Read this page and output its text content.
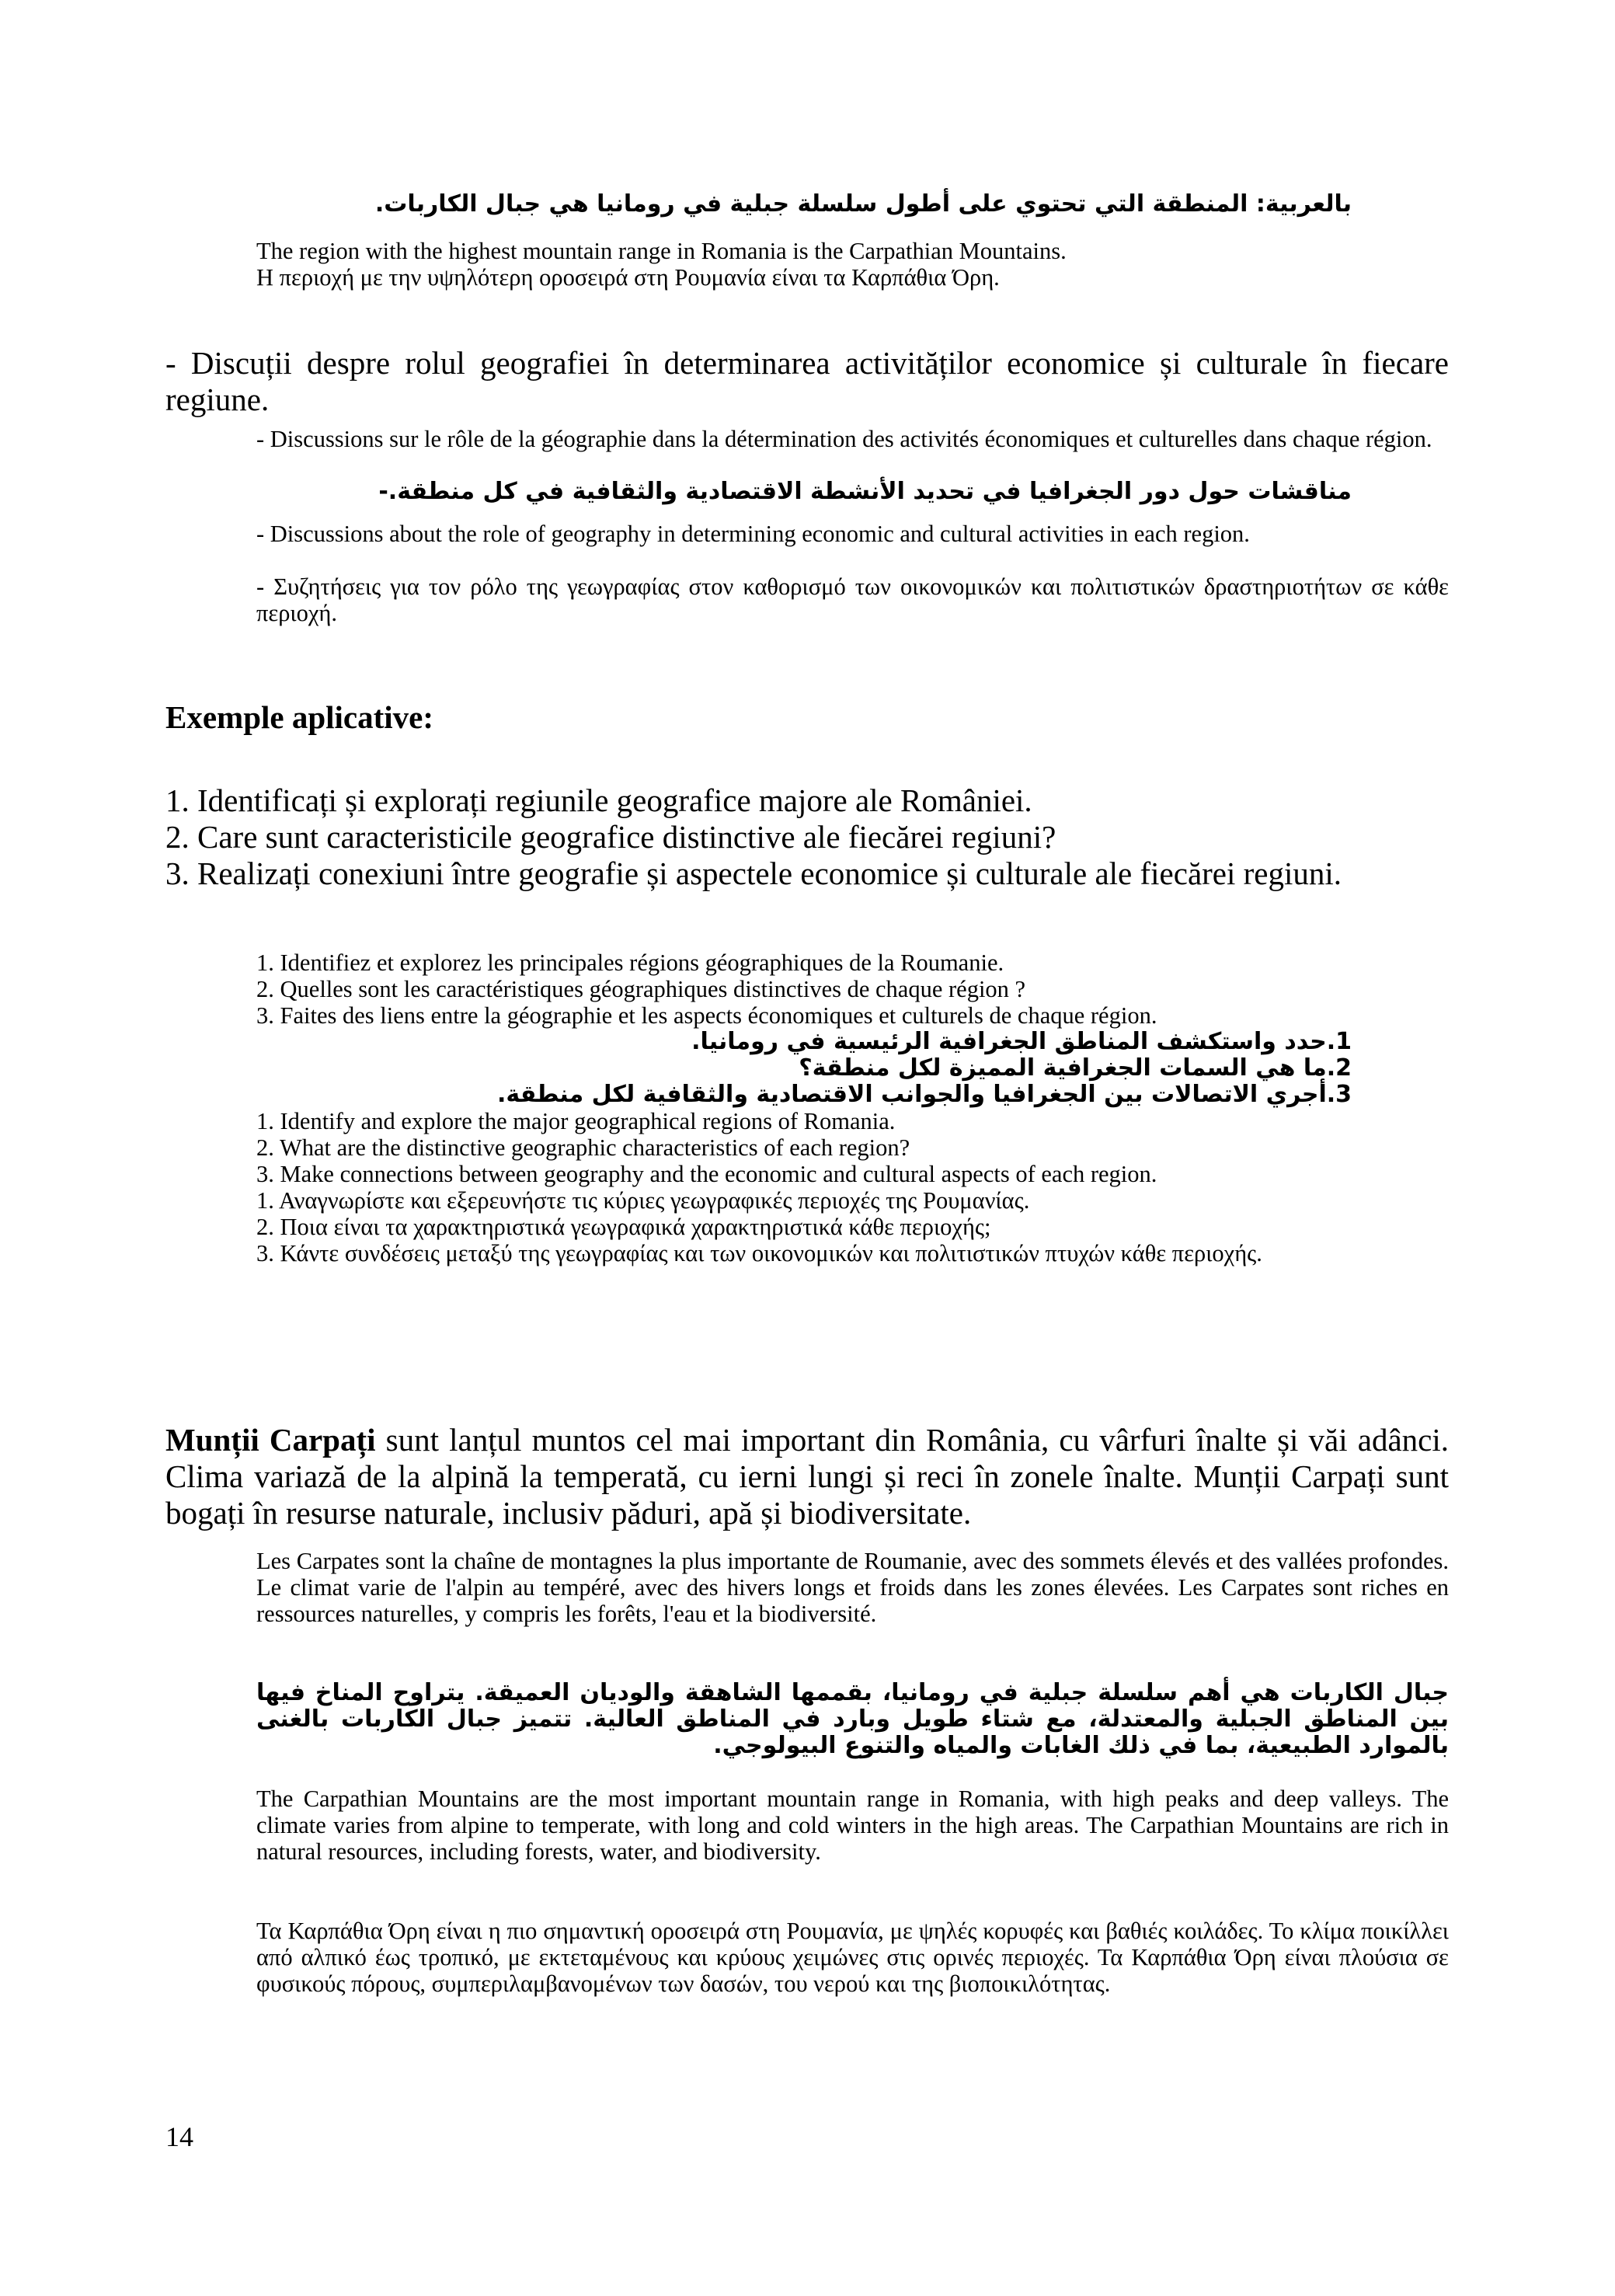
بالعربية: المنطقة التي تحتوي على أطول سلسلة جبلية في رومانيا هي جبال الكاربات.
The region with the highest mountain range in Romania is the Carpathian Mountains.
Η περιοχή με την υψηλότερη οροσειρά στη Ρουμανία είναι τα Καρπάθια Όρη.
- Discuții despre rolul geografiei în determinarea activităților economice și culturale în fiecare regiune.
- Discussions sur le rôle de la géographie dans la détermination des activités économiques et culturelles dans chaque région.
مناقشات حول دور الجغرافيا في تحديد الأنشطة الاقتصادية والثقافية في كل منطقة.-
- Discussions about the role of geography in determining economic and cultural activities in each region.
- Συζητήσεις για τον ρόλο της γεωγραφίας στον καθορισμό των οικονομικών και πολιτιστικών δραστηριοτήτων σε κάθε περιοχή.
Exemple aplicative:
1. Identificați și explorați regiunile geografice majore ale României.
2. Care sunt caracteristicile geografice distinctive ale fiecărei regiuni?
3. Realizați conexiuni între geografie și aspectele economice și culturale ale fiecărei regiuni.
1. Identifiez et explorez les principales régions géographiques de la Roumanie.
2. Quelles sont les caractéristiques géographiques distinctives de chaque région ?
3. Faites des liens entre la géographie et les aspects économiques et culturels de chaque région.
1.حدد واستكشف المناطق الجغرافية الرئيسية في رومانيا.
2.ما هي السمات الجغرافية المميزة لكل منطقة؟
3.أجري الاتصالات بين الجغرافيا والجوانب الاقتصادية والثقافية لكل منطقة.
1. Identify and explore the major geographical regions of Romania.
2. What are the distinctive geographic characteristics of each region?
3. Make connections between geography and the economic and cultural aspects of each region.
1. Αναγνωρίστε και εξερευνήστε τις κύριες γεωγραφικές περιοχές της Ρουμανίας.
2. Ποια είναι τα χαρακτηριστικά γεωγραφικά χαρακτηριστικά κάθε περιοχής;
3. Κάντε συνδέσεις μεταξύ της γεωγραφίας και των οικονομικών και πολιτιστικών πτυχών κάθε περιοχής.
Munții Carpați sunt lanțul muntos cel mai important din România, cu vârfuri înalte și văi adânci. Clima variază de la alpină la temperată, cu ierni lungi și reci în zonele înalte. Munții Carpați sunt bogați în resurse naturale, inclusiv păduri, apă și biodiversitate.
Les Carpates sont la chaîne de montagnes la plus importante de Roumanie, avec des sommets élevés et des vallées profondes. Le climat varie de l'alpin au tempéré, avec des hivers longs et froids dans les zones élevées. Les Carpates sont riches en ressources naturelles, y compris les forêts, l'eau et la biodiversité.
جبال الكاربات هي أهم سلسلة جبلية في رومانيا، بقممها الشاهقة والوديان العميقة. يتراوح المناخ فيها بين المناطق الجبلية والمعتدلة، مع شتاء طويل وبارد في المناطق العالية. تتميز جبال الكاربات بالغنى بالموارد الطبيعية، بما في ذلك الغابات والمياه والتنوع البيولوجي.
The Carpathian Mountains are the most important mountain range in Romania, with high peaks and deep valleys. The climate varies from alpine to temperate, with long and cold winters in the high areas. The Carpathian Mountains are rich in natural resources, including forests, water, and biodiversity.
Τα Καρπάθια Όρη είναι η πιο σημαντική οροσειρά στη Ρουμανία, με ψηλές κορυφές και βαθιές κοιλάδες. Το κλίμα ποικίλλει από αλπικό έως τροπικό, με εκτεταμένους και κρύους χειμώνες στις ορινές περιοχές. Τα Καρπάθια Όρη είναι πλούσια σε φυσικούς πόρους, συμπεριλαμβανομένων των δασών, του νερού και της βιοποικιλότητας.
14
